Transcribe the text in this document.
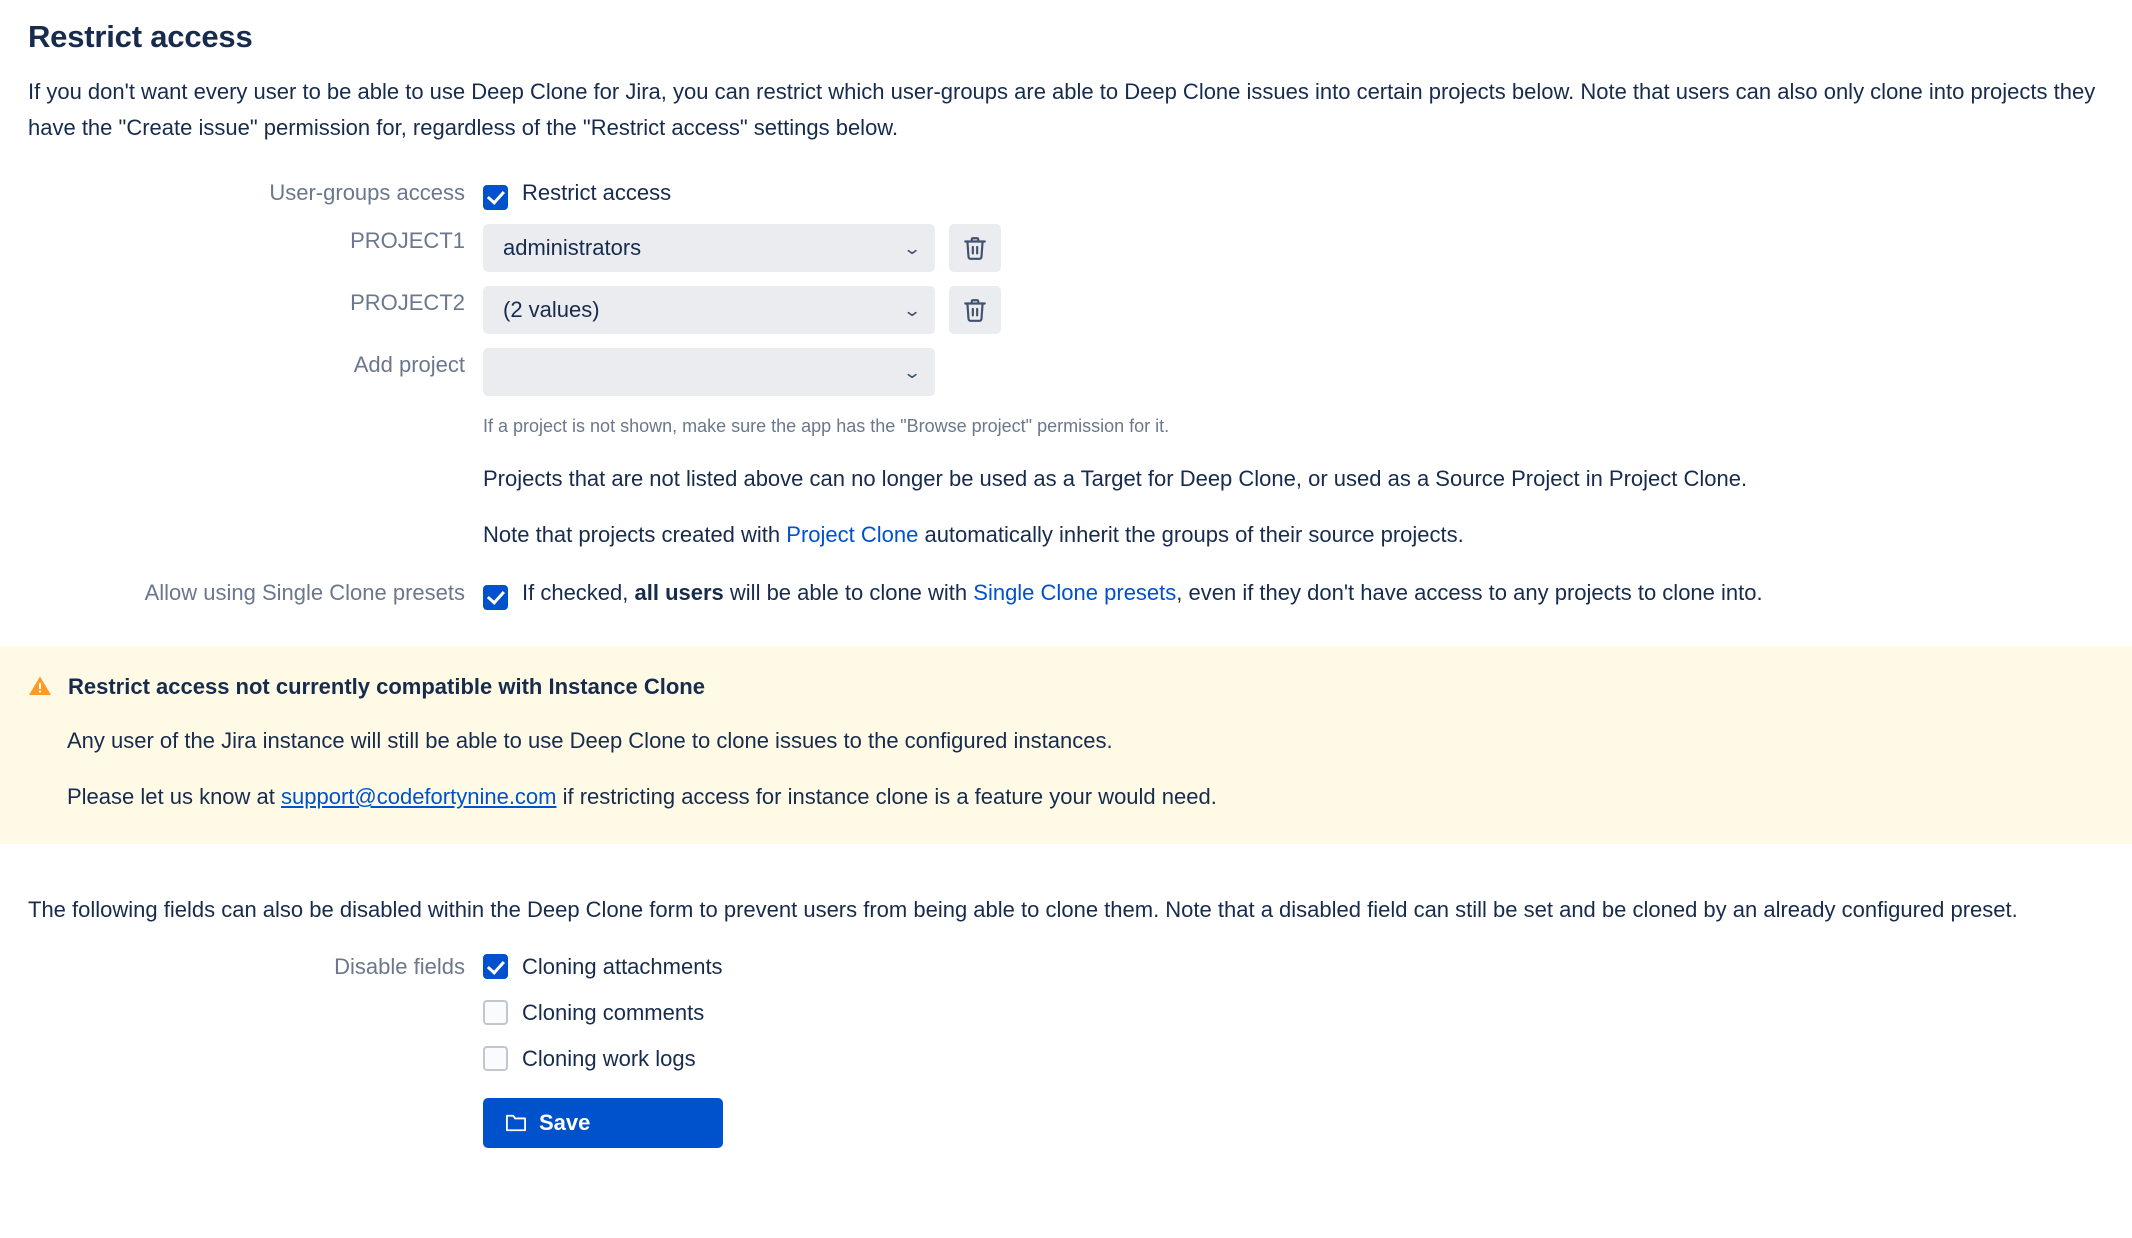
Restrict access

If you don't want every user to be able to use Deep Clone for Jira, you can restrict which user-groups are able to Deep Clone issues into certain projects below. Note that users can also only clone into projects they have the "Create issue" permission for, regardless of the "Restrict access" settings below.

User-groups access	Restrict access
PROJECT1	administrators	⌄
PROJECT2	(2 values)	⌄
Add project	⌄

If a project is not shown, make sure the app has the "Browse project" permission for it.

Projects that are not listed above can no longer be used as a Target for Deep Clone, or used as a Source Project in Project Clone.

Note that projects created with Project Clone automatically inherit the groups of their source projects.

Allow using Single Clone presets	If checked, all users will be able to clone with Single Clone presets, even if they don't have access to any projects to clone into.
Restrict access not currently compatible with Instance Clone

Any user of the Jira instance will still be able to use Deep Clone to clone issues to the configured instances.

Please let us know at support@codefortynine.com if restricting access for instance clone is a feature your would need.

The following fields can also be disabled within the Deep Clone form to prevent users from being able to clone them. Note that a disabled field can still be set and be cloned by an already configured preset.

Disable fields	Cloning attachments
Cloning comments
Cloning work logs
Save
